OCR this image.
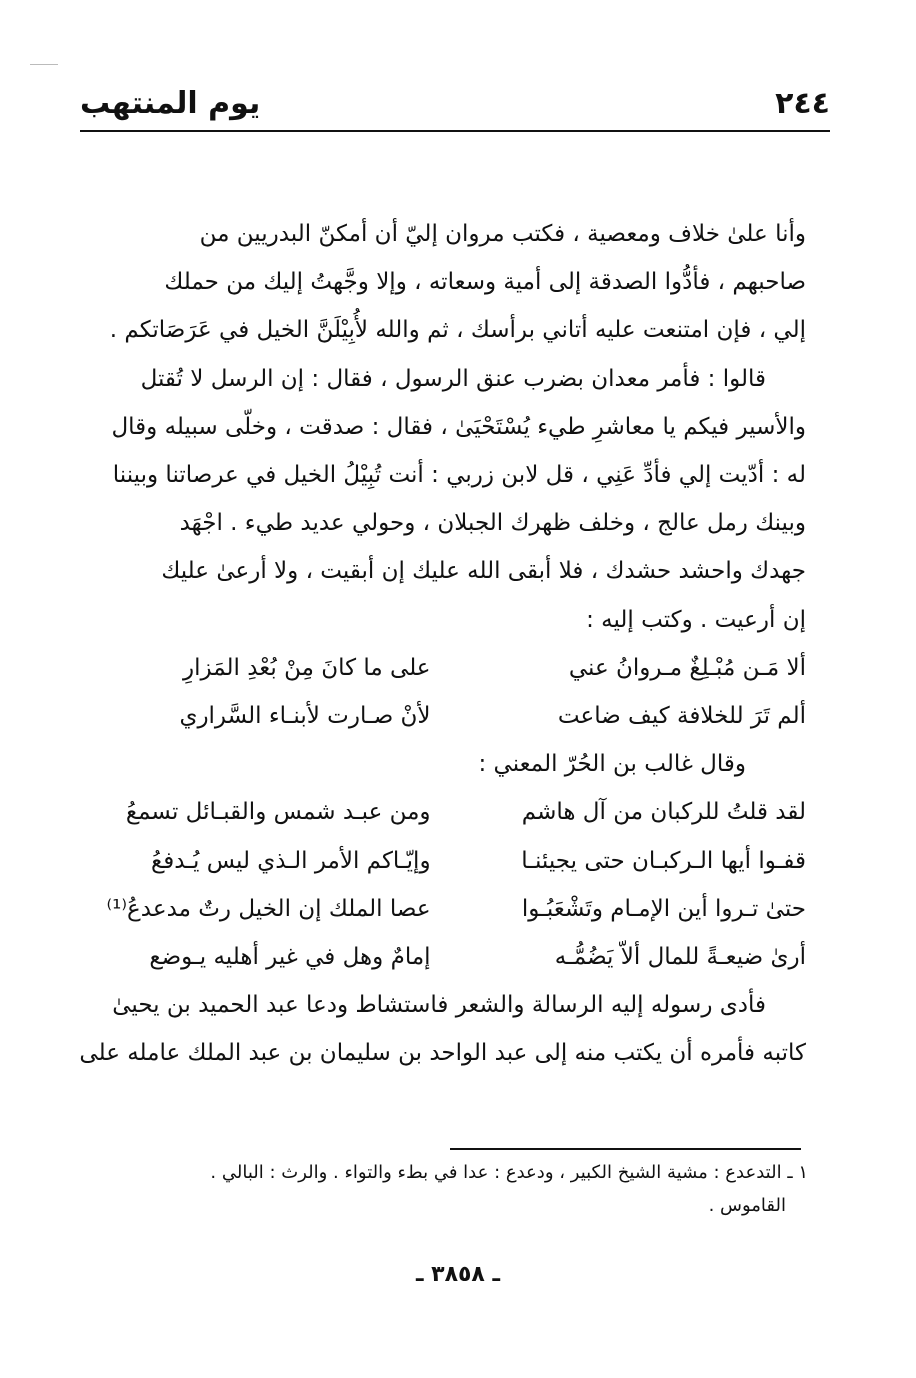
٢٤٤
يوم المنتهب
وأنا علىٰ خلاف ومعصية ، فكتب مروان إليّ أن أمكنّ البدريين من
صاحبهم ، فأدُّوا الصدقة إلى أمية وسعاته ، وإلا وجَّهتُ إليك من حملك
إلي ، فإن امتنعت عليه أتاني برأسك ، ثم والله لأُبِيْلَنَّ الخيل في عَرَصَاتكم .
قالوا : فأمر معدان بضرب عنق الرسول ، فقال : إن الرسل لا تُقتل
والأسير فيكم يا معاشرِ طيء يُسْتَحْيَىٰ ، فقال : صدقت ، وخلّى سبيله وقال
له : أدّيت إلي فأدِّ عَنِي ، قل لابن زربي : أنت تُبِيْلُ الخيل في عرصاتنا وبيننا
وبينك رمل عالج ، وخلف ظهرك الجبلان ، وحولي عديد طيء . اجْهَد
جهدك واحشد حشدك ، فلا أبقى الله عليك إن أبقيت ، ولا أرعىٰ عليك
إن أرعيت . وكتب إليه :
ألا مَـن مُبْـلِغٌ مـروانُ عني
على ما كانَ مِنْ بُعْدِ المَزارِ
ألم تَرَ للخلافة كيف ضاعت
لأنْ صـارت لأبنـاء السَّراري
وقال غالب بن الحُرّ المعني :
لقد قلتُ للركبان من آل هاشم
ومن عبـد شمس والقبـائل تسمعُ
قفـوا أيها الـركبـان حتى يجيئنـا
وإيّـاكم الأمر الـذي ليس يُـدفعُ
حتىٰ تـروا أين الإمـام وتَشْعَبُـوا
عصا الملك إن الخيل رتٌ مدعدعُ⁽¹⁾
أرىٰ ضيعـةً للمال ألاّ يَضُمُّـه
إمامٌ وهل في غير أهليه يـوضع
فأدى رسوله إليه الرسالة والشعر فاستشاط ودعا عبد الحميد بن يحيىٰ
كاتبه فأمره أن يكتب منه إلى عبد الواحد بن سليمان بن عبد الملك عامله على
١ ـ التدعدع : مشية الشيخ الكبير ، ودعدع : عدا في بطء والتواء . والرث : البالي .
القاموس .
ـ ٣٨٥٨ ـ
